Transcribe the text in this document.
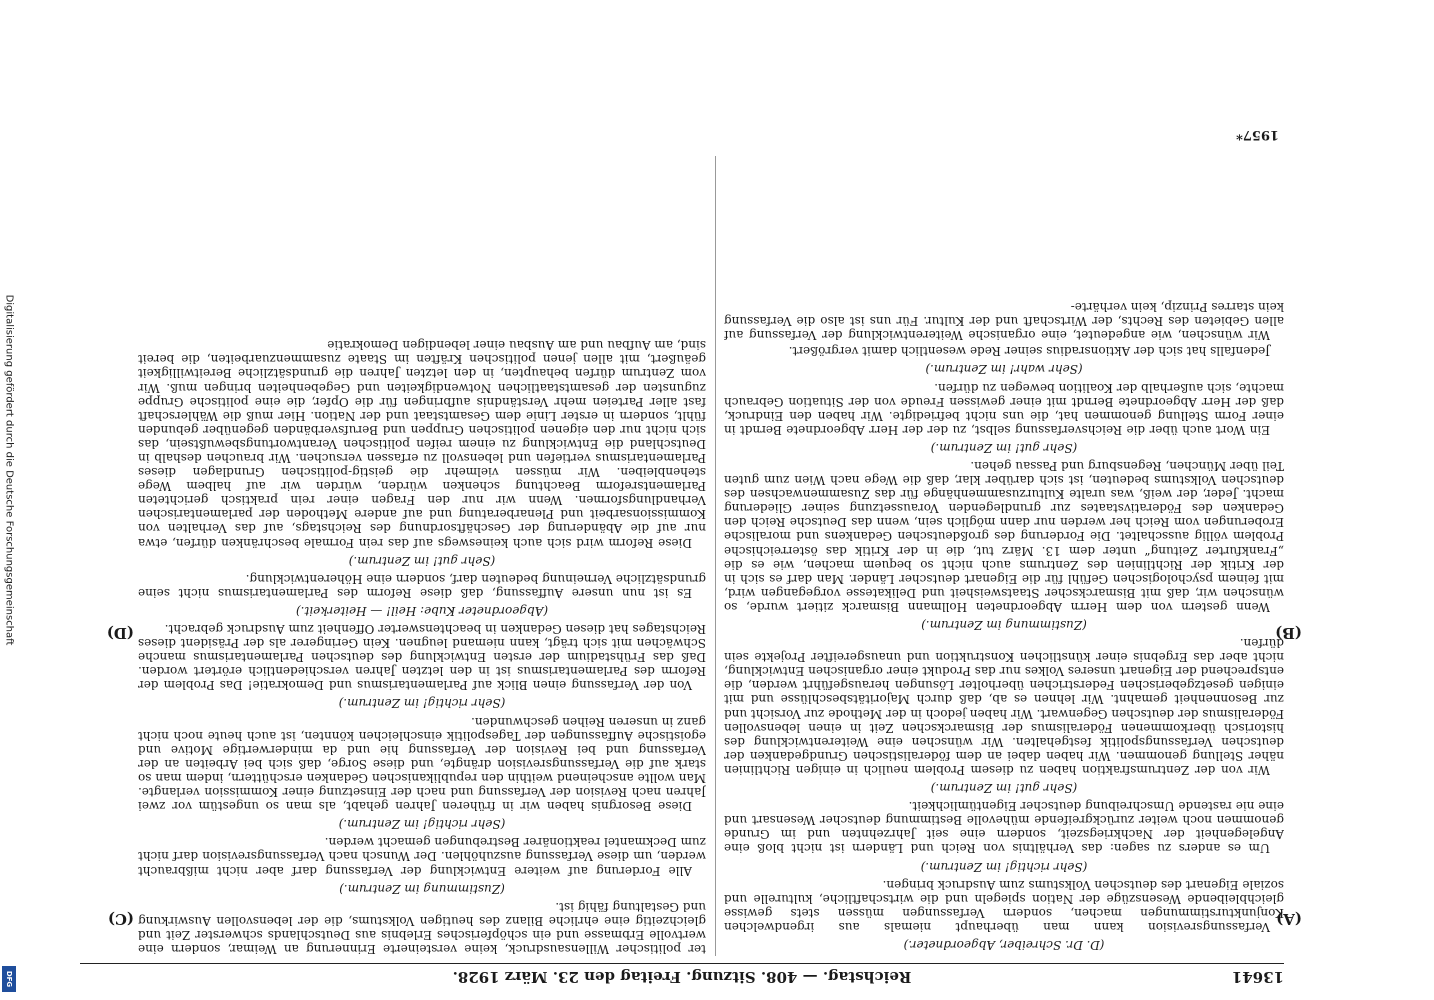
13641
Reichstag. — 408. Sitzung. Freitag den 23. März 1928.
(A)
(B)
(C)
(D)

(D. Dr. Schreiber, Abgeordneter.)

Verfassungsrevision kann man überhaupt niemals aus irgendwelchen Konjunkturstimmungen machen, sondern Verfassungen müssen stets gewisse gleichbleibende Wesenszüge der Nation spiegeln und die wirtschaftliche, kulturelle und soziale Eigenart des deutschen Volkstums zum Ausdruck bringen.

(Sehr richtig! im Zentrum.)

Um es anders zu sagen: das Verhältnis von Reich und Ländern ist nicht bloß eine Angelegenheit der Nachkriegszeit, sondern eine seit Jahrzehnten und im Grunde genommen noch weiter zurückgreifende mühevolle Bestimmung deutscher Wesensart und eine nie rastende Umschreibung deutscher Eigentümlichkeit.

(Sehr gut! im Zentrum.)

Wir von der Zentrumsfraktion haben zu diesem Problem neulich in einigen Richtlinien näher Stellung genommen. Wir haben dabei an dem föderalistischen Grundgedanken der deutschen Verfassungspolitik festgehalten. Wir wünschen eine Weiterentwicklung des historisch überkommenen Föderalismus der Bismarckschen Zeit in einen lebensvollen Föderalismus der deutschen Gegenwart. Wir haben jedoch in der Methode zur Vorsicht und zur Besonnenheit gemahnt. Wir lehnen es ab, daß durch Majoritätsbeschlüsse und mit einigen gesetzgeberischen Federstrichen überholter Lösungen herausgeführt werden, die entsprechend der Eigenart unseres Volkes nur das Produkt einer organischen Entwicklung, nicht aber das Ergebnis einer künstlichen Konstruktion und unausgereifter Projekte sein dürfen.

(Zustimmung im Zentrum.)

Wenn gestern von dem Herrn Abgeordneten Hollmann Bismarck zitiert wurde, so wünschen wir, daß mit Bismarckscher Staatsweisheit und Delikatesse vorgegangen wird, mit feinem psychologischen Gefühl für die Eigenart deutscher Länder. Man darf es sich in der Kritik der Richtlinien des Zentrums auch nicht so bequem machen, wie es die „Frankfurter Zeitung“ unter dem 13. März tut, die in der Kritik das österreichische Problem völlig ausschaltet. Die Forderung des großdeutschen Gedankens und moralische Eroberungen vom Reich her werden nur dann möglich sein, wenn das Deutsche Reich den Gedanken des Föderativstaates zur grundlegenden Voraussetzung seiner Gliederung macht. Jeder, der weiß, was uralte Kulturzusammenhänge für das Zusammenwachsen des deutschen Volkstums bedeuten, ist sich darüber klar, daß die Wege nach Wien zum guten Teil über München, Regensburg und Passau gehen.

(Sehr gut! im Zentrum.)

Ein Wort auch über die Reichsverfassung selbst, zu der der Herr Abgeordnete Berndt in einer Form Stellung genommen hat, die uns nicht befriedigte. Wir haben den Eindruck, daß der Herr Abgeordnete Berndt mit einer gewissen Freude von der Situation Gebrauch machte, sich außerhalb der Koalition bewegen zu dürfen.

(Sehr wahr! im Zentrum.)

Jedenfalls hat sich der Aktionsradius seiner Rede wesentlich damit vergrößert.

Wir wünschen, wie angedeutet, eine organische Weiterentwicklung der Verfassung auf allen Gebieten des Rechts, der Wirtschaft und der Kultur. Für uns ist also die Verfassung kein starres Prinzip, kein verhärte-

ter politischer Willensausdruck, keine versteinerte Erinnerung an Weimar, sondern eine wertvolle Erbmasse und ein schöpferisches Erlebnis aus Deutschlands schwerster Zeit und gleichzeitig eine ehrliche Bilanz des heutigen Volkstums, die der lebensvollen Auswirkung und Gestaltung fähig ist.

(Zustimmung im Zentrum.)

Alle Forderung auf weitere Entwicklung der Verfassung darf aber nicht mißbraucht werden, um diese Verfassung auszuhöhlen. Der Wunsch nach Verfassungsrevision darf nicht zum Deckmantel reaktionärer Bestrebungen gemacht werden.

(Sehr richtig! im Zentrum.)

Diese Besorgnis haben wir in früheren Jahren gehabt, als man so ungestüm vor zwei Jahren nach Revision der Verfassung und nach der Einsetzung einer Kommission verlangte. Man wollte anscheinend weithin den republikanischen Gedanken erschüttern, indem man so stark auf die Verfassungsrevision drängte, und diese Sorge, daß sich bei Arbeiten an der Verfassung und bei Revision der Verfassung hie und da minderwertige Motive und egoistische Auffassungen der Tagespolitik einschleichen könnten, ist auch heute noch nicht ganz in unseren Reihen geschwunden.

(Sehr richtig! im Zentrum.)

Von der Verfassung einen Blick auf Parlamentarismus und Demokratie! Das Problem der Reform des Parlamentarismus ist in den letzten Jahren verschiedentlich erörtert worden. Daß das Frühstadium der ersten Entwicklung des deutschen Parlamentarismus manche Schwächen mit sich trägt, kann niemand leugnen. Kein Geringerer als der Präsident dieses Reichstages hat diesen Gedanken in beachtenswerter Offenheit zum Ausdruck gebracht.

(Abgeordneter Kube: Heil! — Heiterkeit.)

Es ist nun unsere Auffassung, daß diese Reform des Parlamentarismus nicht seine grundsätzliche Verneinung bedeuten darf, sondern eine Höherentwicklung.

(Sehr gut! im Zentrum.)

Diese Reform wird sich auch keineswegs auf das rein Formale beschränken dürfen, etwa nur auf die Abänderung der Geschäftsordnung des Reichstags, auf das Verhalten von Kommissionsarbeit und Plenarberatung und auf andere Methoden der parlamentarischen Verhandlungsformen. Wenn wir nur den Fragen einer rein praktisch gerichteten Parlamentsreform Beachtung schenken würden, würden wir auf halbem Wege stehenbleiben. Wir müssen vielmehr die geistig-politischen Grundlagen dieses Parlamentarismus vertiefen und lebensvoll zu erfassen versuchen. Wir brauchen deshalb in Deutschland die Entwicklung zu einem reifen politischen Verantwortungsbewußtsein, das sich nicht nur den eigenen politischen Gruppen und Berufsverbänden gegenüber gebunden fühlt, sondern in erster Linie dem Gesamtstaat und der Nation. Hier muß die Wählerschaft fast aller Parteien mehr Verständnis aufbringen für die Opfer, die eine politische Gruppe zugunsten der gesamtstaatlichen Notwendigkeiten und Gegebenheiten bringen muß. Wir vom Zentrum dürfen behaupten, in den letzten Jahren die grundsätzliche Bereitwilligkeit geäußert, mit allen jenen politischen Kräften im Staate zusammenzuarbeiten, die bereit sind, am Aufbau und am Ausbau einer lebendigen Demokratie

1957*
Digitalisierung gefördert durch die Deutsche Forschungsgemeinschaft
DFG
